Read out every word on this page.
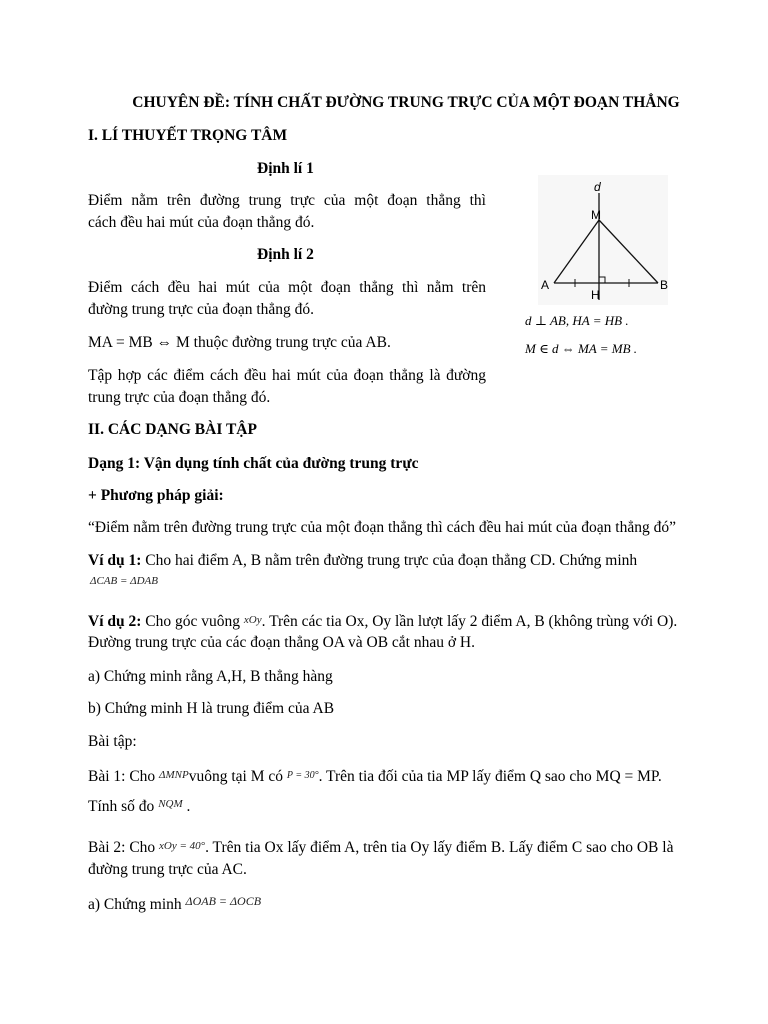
CHUYÊN ĐỀ: TÍNH CHẤT ĐƯỜNG TRUNG TRỰC CỦA MỘT ĐOẠN THẲNG
I. LÍ THUYẾT TRỌNG TÂM
Định lí 1
Điểm nằm trên đường trung trực của một đoạn thẳng thì
cách đều hai mút của đoạn thẳng đó.
Định lí 2
Điểm cách đều hai mút của một đoạn thẳng thì nằm trên
đường trung trực của đoạn thẳng đó.
MA = MB ⇔ M thuộc đường trung trực của AB.
Tập hợp các điểm cách đều hai mút của đoạn thẳng là đường
trung trực của đoạn thẳng đó.
d
M
A	B
H
d ⊥ AB, HA = HB .
M ∈ d ⇔ MA = MB .
II. CÁC DẠNG BÀI TẬP
Dạng 1: Vận dụng tính chất của đường trung trực
+ Phương pháp giải:
“Điểm nằm trên đường trung trực của một đoạn thẳng thì cách đều hai mút của đoạn thẳng đó”
Ví dụ 1: Cho hai điểm A, B nằm trên đường trung trực của đoạn thẳng CD. Chứng minh
ΔCAB = ΔDAB
Ví dụ 2: Cho góc vuông xOy. Trên các tia Ox, Oy lần lượt lấy 2 điểm A, B (không trùng với O).
Đường trung trực của các đoạn thẳng OA và OB cắt nhau ở H.
a) Chứng minh rằng A,H, B thẳng hàng
b) Chứng minh H là trung điểm của AB
Bài tập:
Bài 1: Cho ΔMNPvuông tại M có P = 30°. Trên tia đối của tia MP lấy điểm Q sao cho MQ = MP.
Tính số đo $^{NQM}$ .
Bài 2: Cho xOy = 40°. Trên tia Ox lấy điểm A, trên tia Oy lấy điểm B. Lấy điểm C sao cho OB là
đường trung trực của AC.
a) Chứng minh $^{\Delta OAB = \Delta OCB}$
